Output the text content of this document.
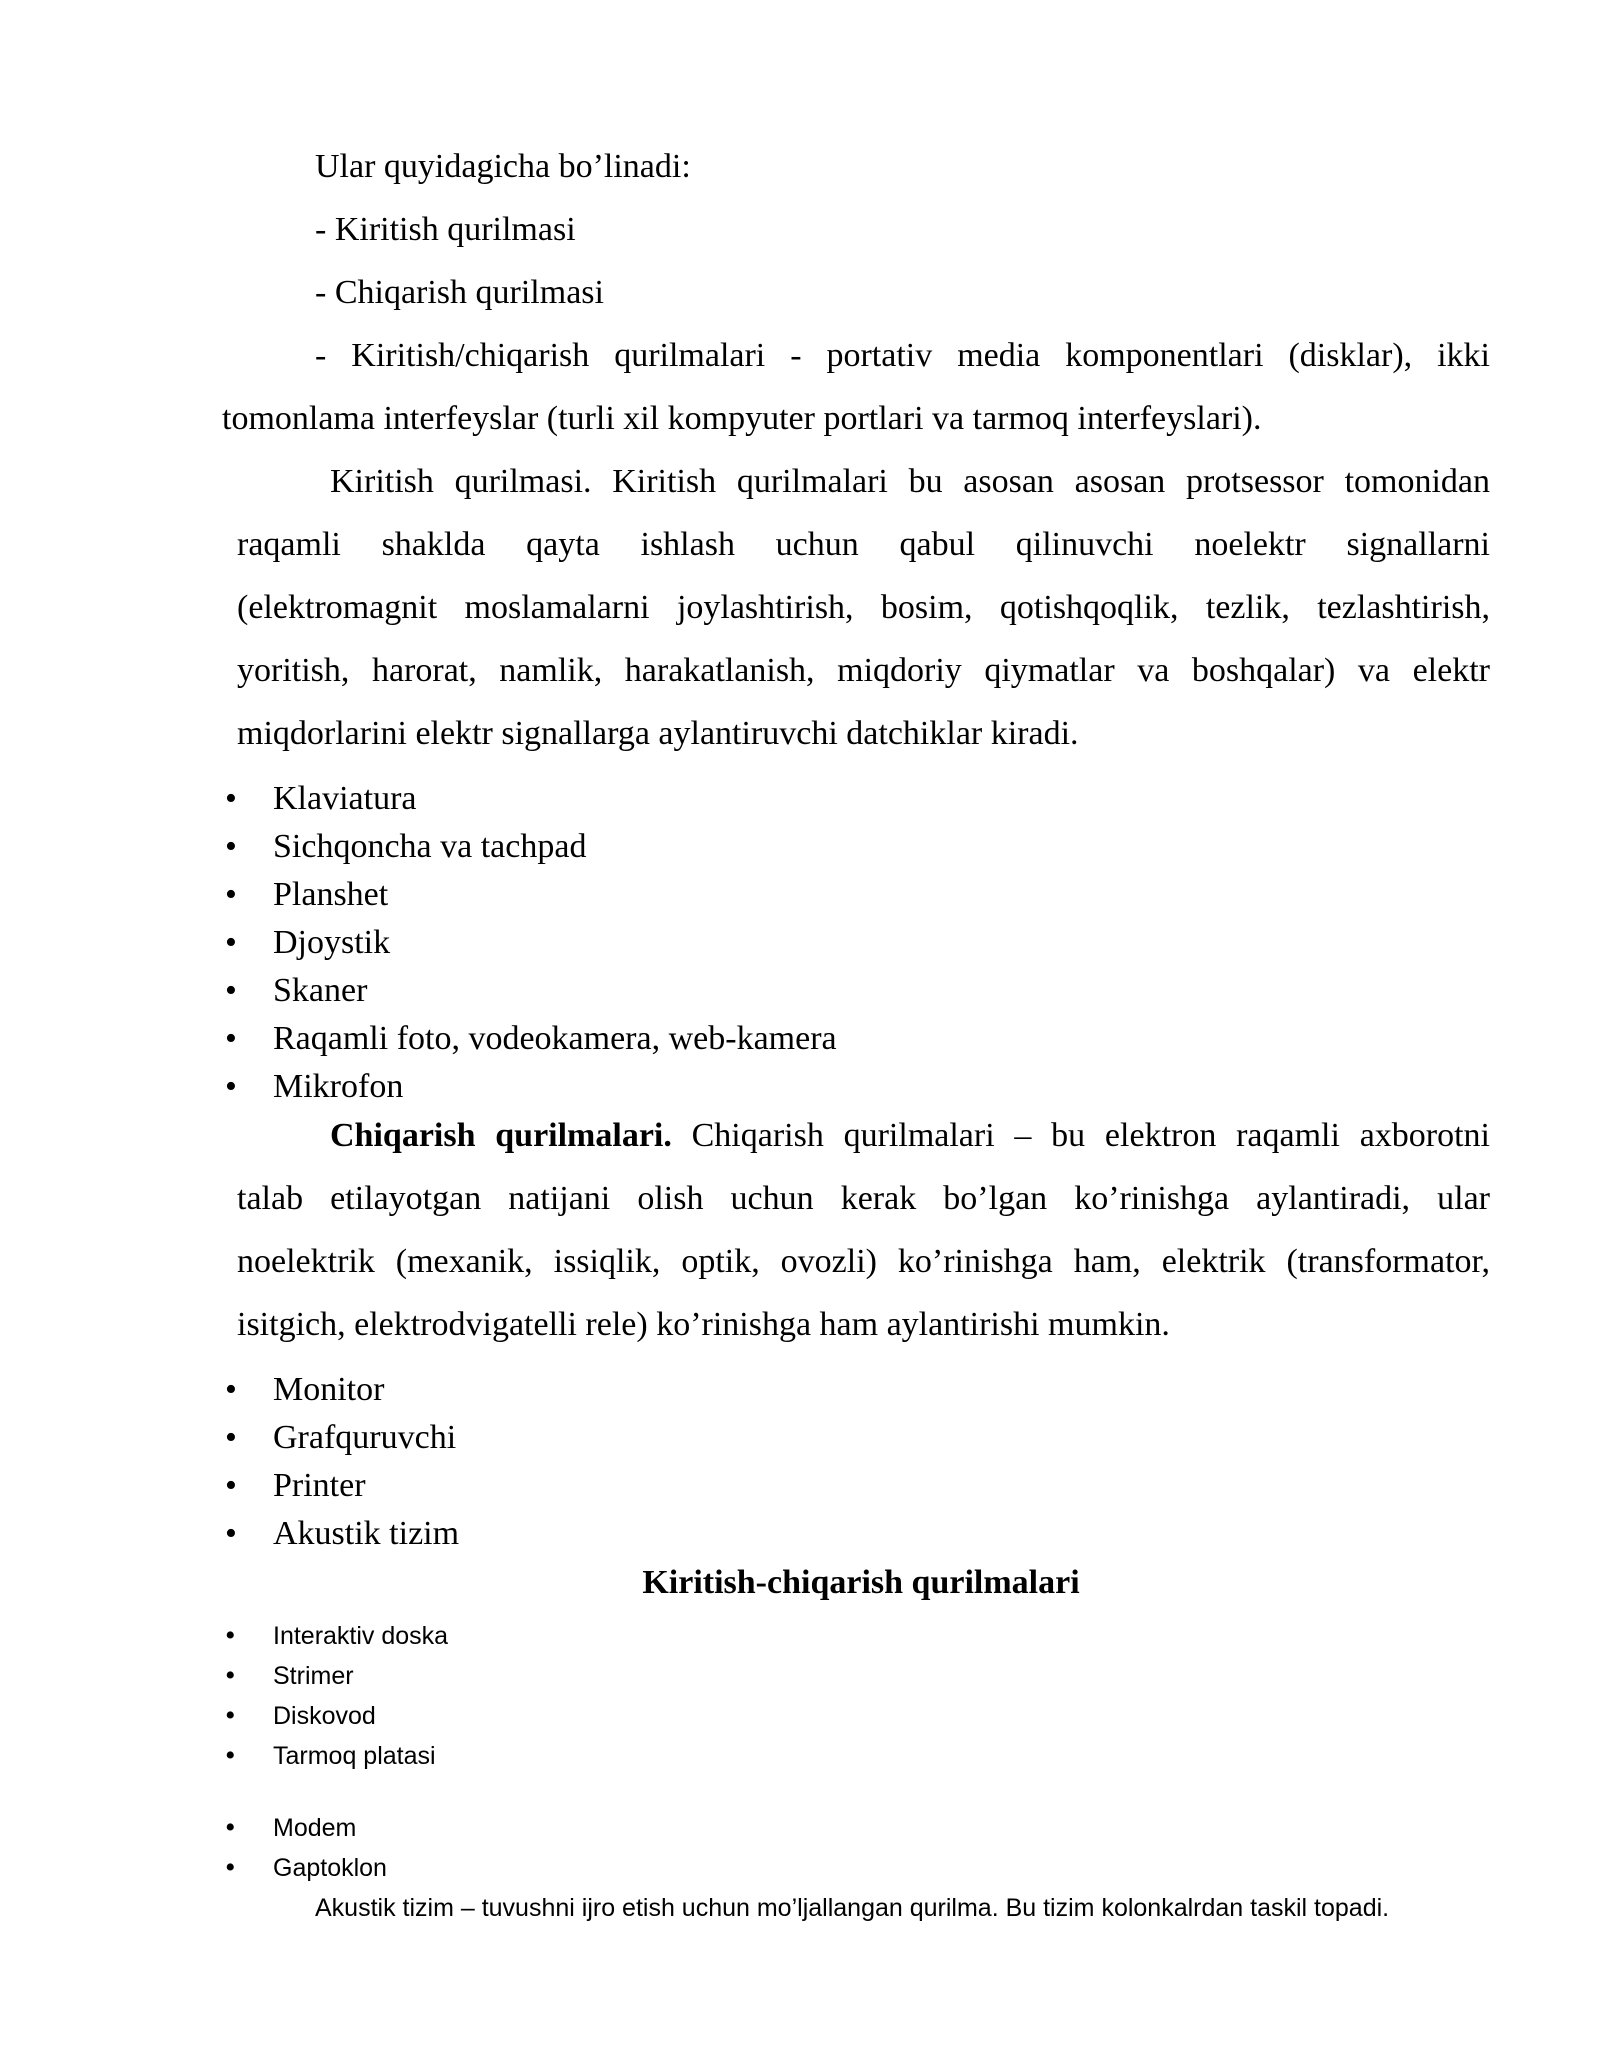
Ular quyidagicha bo’linadi:
- Kiritish qurilmasi
- Chiqarish qurilmasi
- Kiritish/chiqarish qurilmalari - portativ media komponentlari (disklar), ikki
tomonlama interfeyslar (turli xil kompyuter portlari va tarmoq interfeyslari).
Kiritish qurilmasi. Kiritish qurilmalari bu asosan asosan protsessor tomonidan
raqamli shaklda qayta ishlash uchun qabul qilinuvchi noelektr signallarni
(elektromagnit moslamalarni joylashtirish, bosim, qotishqoqlik, tezlik, tezlashtirish,
yoritish, harorat, namlik, harakatlanish, miqdoriy qiymatlar va boshqalar) va elektr
miqdorlarini elektr signallarga aylantiruvchi datchiklar kiradi.
• Klaviatura
• Sichqoncha va tachpad
• Planshet
• Djoystik
• Skaner
• Raqamli foto, vodeokamera, web-kamera
• Mikrofon
Chiqarish qurilmalari. Chiqarish qurilmalari – bu elektron raqamli axborotni
talab etilayotgan natijani olish uchun kerak bo’lgan ko’rinishga aylantiradi, ular
noelektrik (mexanik, issiqlik, optik, ovozli) ko’rinishga ham, elektrik (transformator,
isitgich, elektrodvigatelli rele) ko’rinishga ham aylantirishi mumkin.
• Monitor
• Grafquruvchi
• Printer
• Akustik tizim
Kiritish-chiqarish qurilmalari
• Interaktiv doska
• Strimer
• Diskovod
• Tarmoq platasi
• Modem
• Gaptoklon
Akustik tizim – tuvushni ijro etish uchun mo’ljallangan qurilma. Bu tizim kolonkalrdan taskil topadi.
